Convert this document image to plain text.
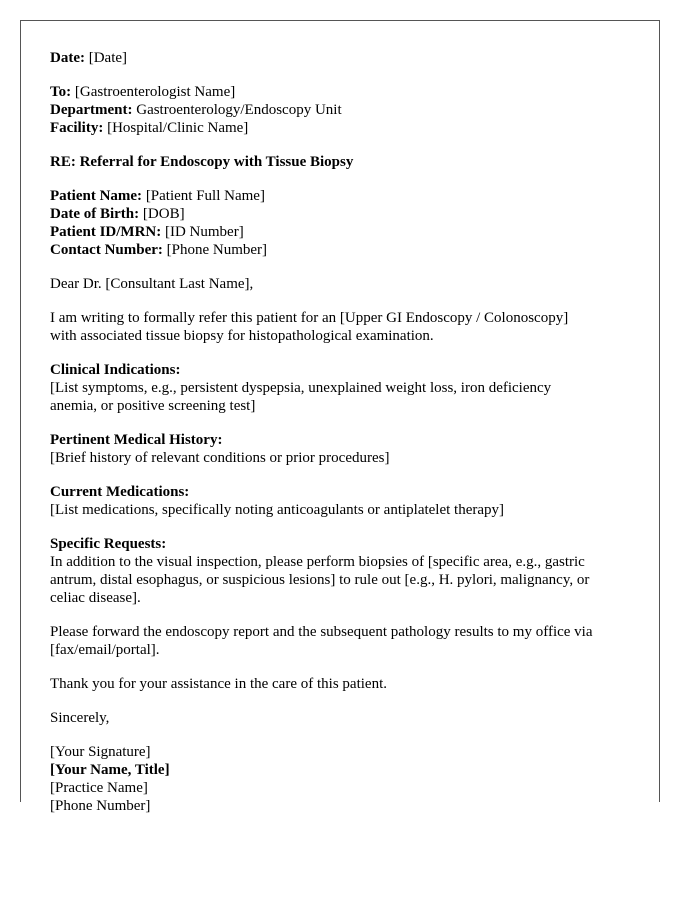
Date: [Date]
To: [Gastroenterologist Name]
Department: Gastroenterology/Endoscopy Unit
Facility: [Hospital/Clinic Name]
RE: Referral for Endoscopy with Tissue Biopsy
Patient Name: [Patient Full Name]
Date of Birth: [DOB]
Patient ID/MRN: [ID Number]
Contact Number: [Phone Number]
Dear Dr. [Consultant Last Name],
I am writing to formally refer this patient for an [Upper GI Endoscopy / Colonoscopy]
with associated tissue biopsy for histopathological examination.
Clinical Indications:
[List symptoms, e.g., persistent dyspepsia, unexplained weight loss, iron deficiency
anemia, or positive screening test]
Pertinent Medical History:
[Brief history of relevant conditions or prior procedures]
Current Medications:
[List medications, specifically noting anticoagulants or antiplatelet therapy]
Specific Requests:
In addition to the visual inspection, please perform biopsies of [specific area, e.g., gastric
antrum, distal esophagus, or suspicious lesions] to rule out [e.g., H. pylori, malignancy, or
celiac disease].
Please forward the endoscopy report and the subsequent pathology results to my office via
[fax/email/portal].
Thank you for your assistance in the care of this patient.
Sincerely,
[Your Signature]
[Your Name, Title]
[Practice Name]
[Phone Number]
